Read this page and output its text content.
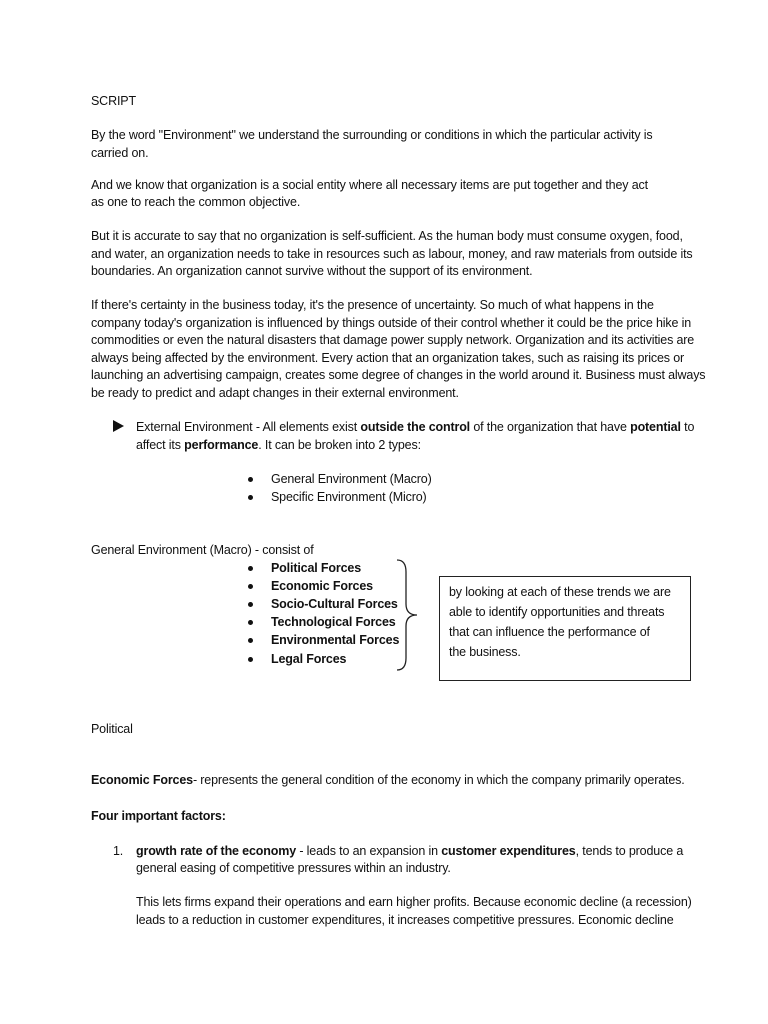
SCRIPT
By the word "Environment" we understand the surrounding or conditions in which the particular activity is
carried on.
And we know that organization is a social entity where all necessary items are put together and they act
as one to reach the common objective.
But it is accurate to say that no organization is self-sufficient. As the human body must consume oxygen, food,
and water, an organization needs to take in resources such as labour, money, and raw materials from outside its
boundaries. An organization cannot survive without the support of its environment.
If there's certainty in the business today, it's the presence of uncertainty. So much of what happens in the
company today's organization is influenced by things outside of their control whether it could be the price hike in
commodities or even the natural disasters that damage power supply network. Organization and its activities are
always being affected by the environment. Every action that an organization takes, such as raising its prices or
launching an advertising campaign, creates some degree of changes in the world around it. Business must always
be ready to predict and adapt changes in their external environment.
External Environment - All elements exist outside the control of the organization that have potential to
affect its performance. It can be broken into 2 types:
General Environment (Macro)
Specific Environment (Micro)
General Environment (Macro) - consist of
Political Forces
Economic Forces
Socio-Cultural Forces
Technological Forces
Environmental Forces
Legal Forces
by looking at each of these trends we are
able to identify opportunities and threats
that can influence the performance of
the business.
Political
Economic Forces- represents the general condition of the economy in which the company primarily operates.
Four important factors:
1. growth rate of the economy - leads to an expansion in customer expenditures, tends to produce a
general easing of competitive pressures within an industry.
This lets firms expand their operations and earn higher profits. Because economic decline (a recession)
leads to a reduction in customer expenditures, it increases competitive pressures. Economic decline
